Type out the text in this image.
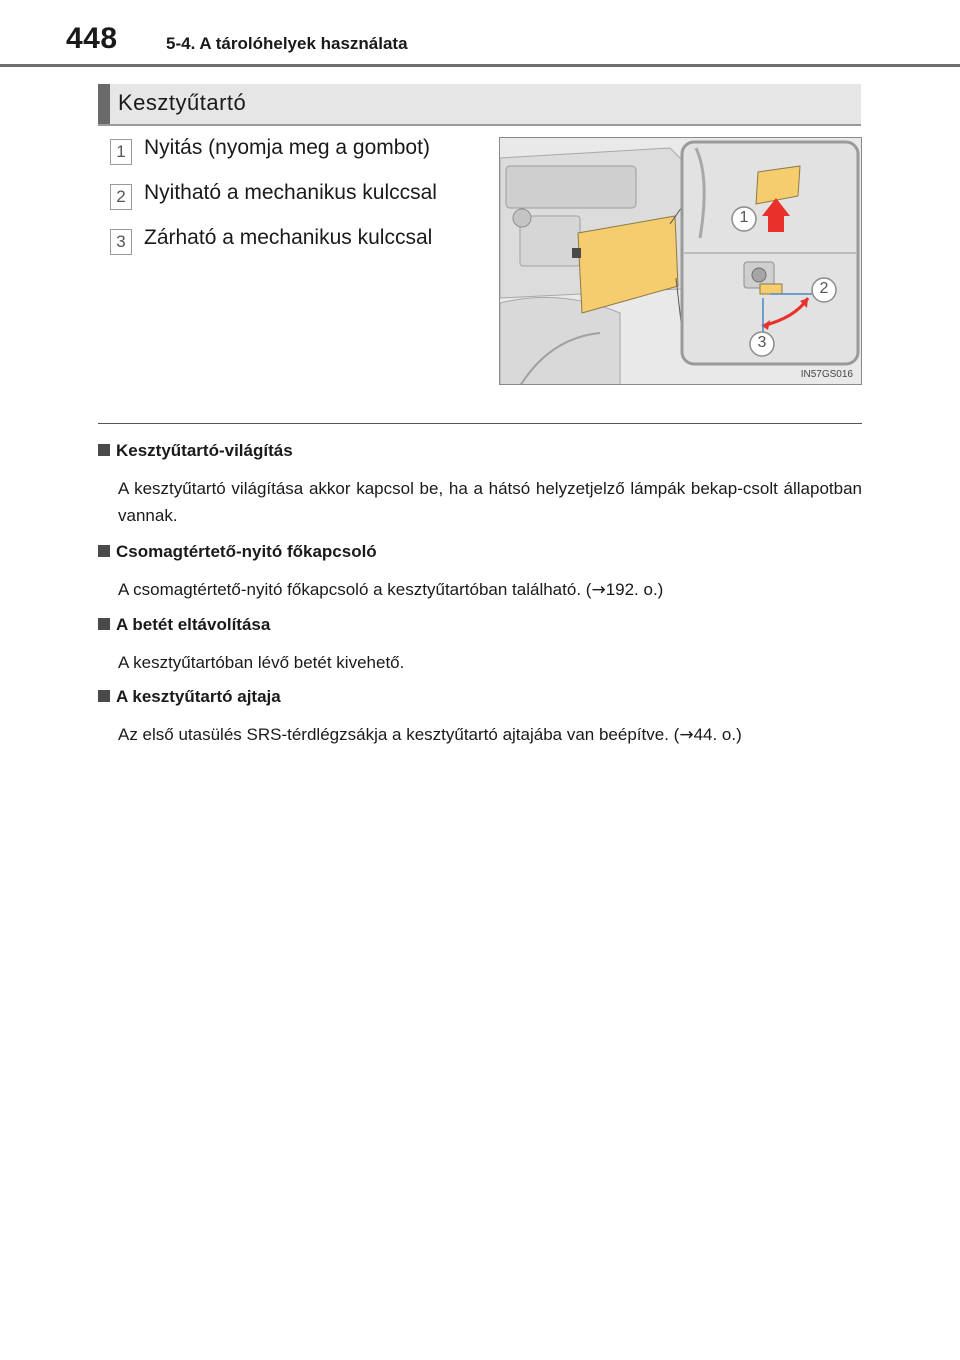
448	5-4. A tárolóhelyek használata
Kesztyűtartó
1 Nyitás (nyomja meg a gombot)
2 Nyitható a mechanikus kulccsal
3 Zárható a mechanikus kulccsal
1
2
3
IN57GS016
Kesztyűtartó-világítás
A kesztyűtartó világítása akkor kapcsol be, ha a hátsó helyzetjelző lámpák bekap-csolt állapotban vannak.
Csomagtértető-nyitó főkapcsoló
A csomagtértető-nyitó főkapcsoló a kesztyűtartóban található. (→192. o.)
A betét eltávolítása
A kesztyűtartóban lévő betét kivehető.
A kesztyűtartó ajtaja
Az első utasülés SRS-térdlégzsákja a kesztyűtartó ajtajába van beépítve. (→44. o.)
